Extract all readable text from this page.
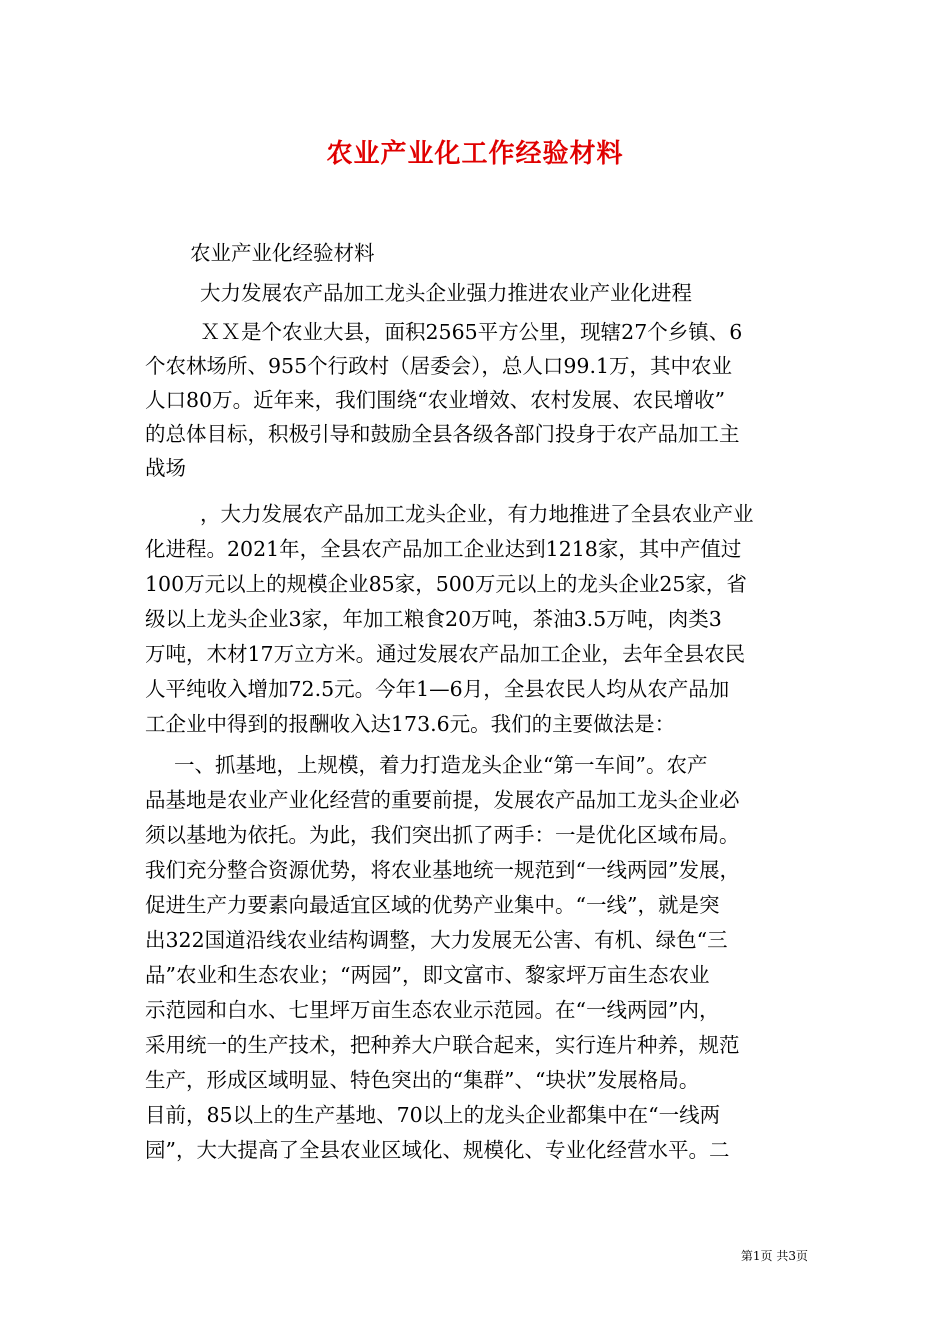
农业产业化工作经验材料

农业产业化经验材料

大力发展农产品加工龙头企业强力推进农业产业化进程

ＸＸ是个农业大县，面积2565平方公里，现辖27个乡镇、6

个农林场所、955个行政村（居委会），总人口99.1万，其中农业

人口80万。近年来，我们围绕“农业增效、农村发展、农民增收”

的总体目标，积极引导和鼓励全县各级各部门投身于农产品加工主

战场

，大力发展农产品加工龙头企业，有力地推进了全县农业产业

化进程。2021年，全县农产品加工企业达到1218家，其中产值过

100万元以上的规模企业85家，500万元以上的龙头企业25家，省

级以上龙头企业3家，年加工粮食20万吨，茶油3.5万吨，肉类3

万吨，木材17万立方米。通过发展农产品加工企业，去年全县农民

人平纯收入增加72.5元。今年1—6月，全县农民人均从农产品加

工企业中得到的报酬收入达173.6元。我们的主要做法是：

一、抓基地，上规模，着力打造龙头企业“第一车间”。农产

品基地是农业产业化经营的重要前提，发展农产品加工龙头企业必

须以基地为依托。为此，我们突出抓了两手：一是优化区域布局。

我们充分整合资源优势，将农业基地统一规范到“一线两园”发展，

促进生产力要素向最适宜区域的优势产业集中。“一线”，就是突

出322国道沿线农业结构调整，大力发展无公害、有机、绿色“三

品”农业和生态农业；“两园”，即文富市、黎家坪万亩生态农业

示范园和白水、七里坪万亩生态农业示范园。在“一线两园”内，

采用统一的生产技术，把种养大户联合起来，实行连片种养，规范

生产，形成区域明显、特色突出的“集群”、“块状”发展格局。

目前，85以上的生产基地、70以上的龙头企业都集中在“一线两

园”，大大提高了全县农业区域化、规模化、专业化经营水平。二

第1页 共3页
